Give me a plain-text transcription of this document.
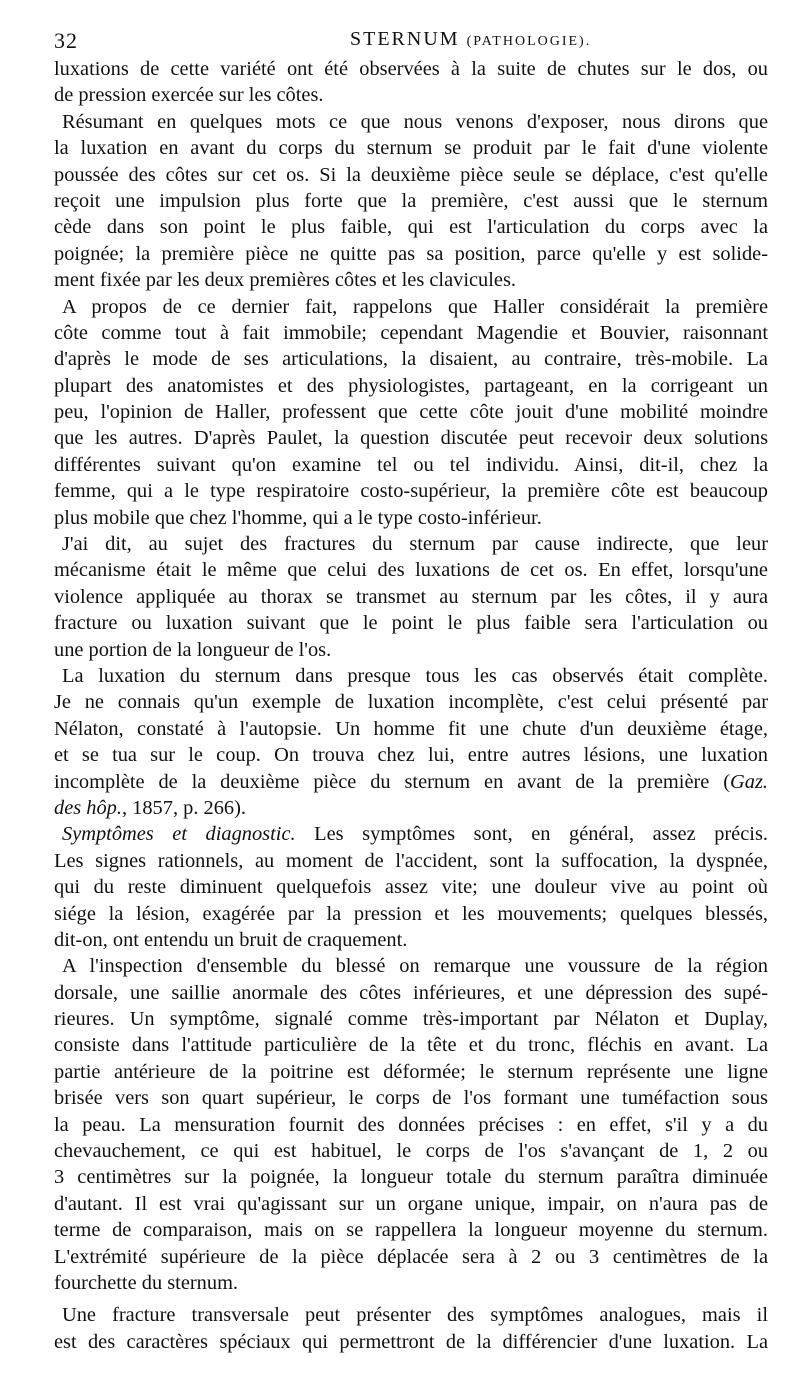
32	STERNUM (PATHOLOGIE).
luxations de cette variété ont été observées à la suite de chutes sur le dos, ou
de pression exercée sur les côtes.
Résumant en quelques mots ce que nous venons d'exposer, nous dirons que
la luxation en avant du corps du sternum se produit par le fait d'une violente
poussée des côtes sur cet os. Si la deuxième pièce seule se déplace, c'est qu'elle
reçoit une impulsion plus forte que la première, c'est aussi que le sternum
cède dans son point le plus faible, qui est l'articulation du corps avec la
poignée; la première pièce ne quitte pas sa position, parce qu'elle y est solide-
ment fixée par les deux premières côtes et les clavicules.
A propos de ce dernier fait, rappelons que Haller considérait la première
côte comme tout à fait immobile; cependant Magendie et Bouvier, raisonnant
d'après le mode de ses articulations, la disaient, au contraire, très-mobile. La
plupart des anatomistes et des physiologistes, partageant, en la corrigeant un
peu, l'opinion de Haller, professent que cette côte jouit d'une mobilité moindre
que les autres. D'après Paulet, la question discutée peut recevoir deux solutions
différentes suivant qu'on examine tel ou tel individu. Ainsi, dit-il, chez la
femme, qui a le type respiratoire costo-supérieur, la première côte est beaucoup
plus mobile que chez l'homme, qui a le type costo-inférieur.
J'ai dit, au sujet des fractures du sternum par cause indirecte, que leur
mécanisme était le même que celui des luxations de cet os. En effet, lorsqu'une
violence appliquée au thorax se transmet au sternum par les côtes, il y aura
fracture ou luxation suivant que le point le plus faible sera l'articulation ou
une portion de la longueur de l'os.
La luxation du sternum dans presque tous les cas observés était complète.
Je ne connais qu'un exemple de luxation incomplète, c'est celui présenté par
Nélaton, constaté à l'autopsie. Un homme fit une chute d'un deuxième étage,
et se tua sur le coup. On trouva chez lui, entre autres lésions, une luxation
incomplète de la deuxième pièce du sternum en avant de la première (Gaz.
des hôp., 1857, p. 266).
Symptômes et diagnostic. Les symptômes sont, en général, assez précis.
Les signes rationnels, au moment de l'accident, sont la suffocation, la dyspnée,
qui du reste diminuent quelquefois assez vite; une douleur vive au point où
siége la lésion, exagérée par la pression et les mouvements; quelques blessés,
dit-on, ont entendu un bruit de craquement.
A l'inspection d'ensemble du blessé on remarque une voussure de la région
dorsale, une saillie anormale des côtes inférieures, et une dépression des supé-
rieures. Un symptôme, signalé comme très-important par Nélaton et Duplay,
consiste dans l'attitude particulière de la tête et du tronc, fléchis en avant. La
partie antérieure de la poitrine est déformée; le sternum représente une ligne
brisée vers son quart supérieur, le corps de l'os formant une tuméfaction sous
la peau. La mensuration fournit des données précises : en effet, s'il y a du
chevauchement, ce qui est habituel, le corps de l'os s'avançant de 1, 2 ou
3 centimètres sur la poignée, la longueur totale du sternum paraîtra diminuée
d'autant. Il est vrai qu'agissant sur un organe unique, impair, on n'aura pas de
terme de comparaison, mais on se rappellera la longueur moyenne du sternum.
L'extrémité supérieure de la pièce déplacée sera à 2 ou 3 centimètres de la
fourchette du sternum.
Une fracture transversale peut présenter des symptômes analogues, mais il
est des caractères spéciaux qui permettront de la différencier d'une luxation. La
